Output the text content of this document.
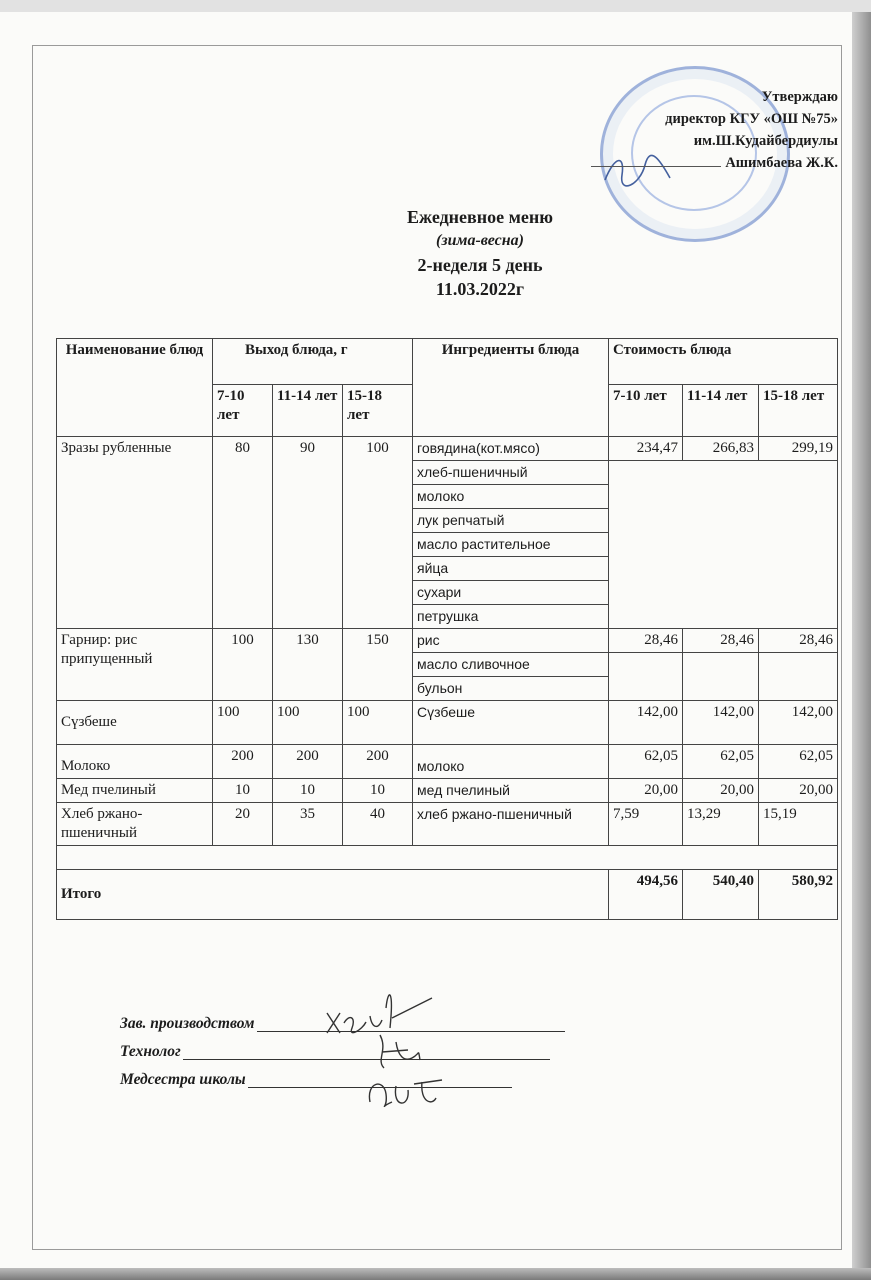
Утверждаю
директор КГУ «ОШ №75»
им.Ш.Кудайбердиулы
Ашимбаева Ж.К.
Ежедневное меню
(зима-весна)
2-неделя 5 день
11.03.2022г
Наименование блюд	Выход блюда, г			Ингредиенты блюда	Стоимость блюда		
	7-10 лет	11-14 лет	15-18 лет		7-10 лет	11-14 лет	15-18 лет
Зразы рубленные	80	90	100	говядина(кот.мясо)	234,47	266,83	299,19
				хлеб-пшеничный			
				молоко			
				лук репчатый			
				масло растительное			
				яйца			
				сухари			
				петрушка			
Гарнир: рис припущенный	100	130	150	рис	28,46	28,46	28,46
				масло сливочное			
				бульон			
Сүзбеше	100	100	100	Сүзбеше	142,00	142,00	142,00
Молоко	200	200	200	молоко	62,05	62,05	62,05
Мед пчелиный	10	10	10	мед пчелиный	20,00	20,00	20,00
Хлеб ржано-пшеничный	20	35	40	хлеб ржано-пшеничный	7,59	13,29	15,19

Итого					494,56	540,40	580,92
Зав. производством
Технолог
Медсестра школы
